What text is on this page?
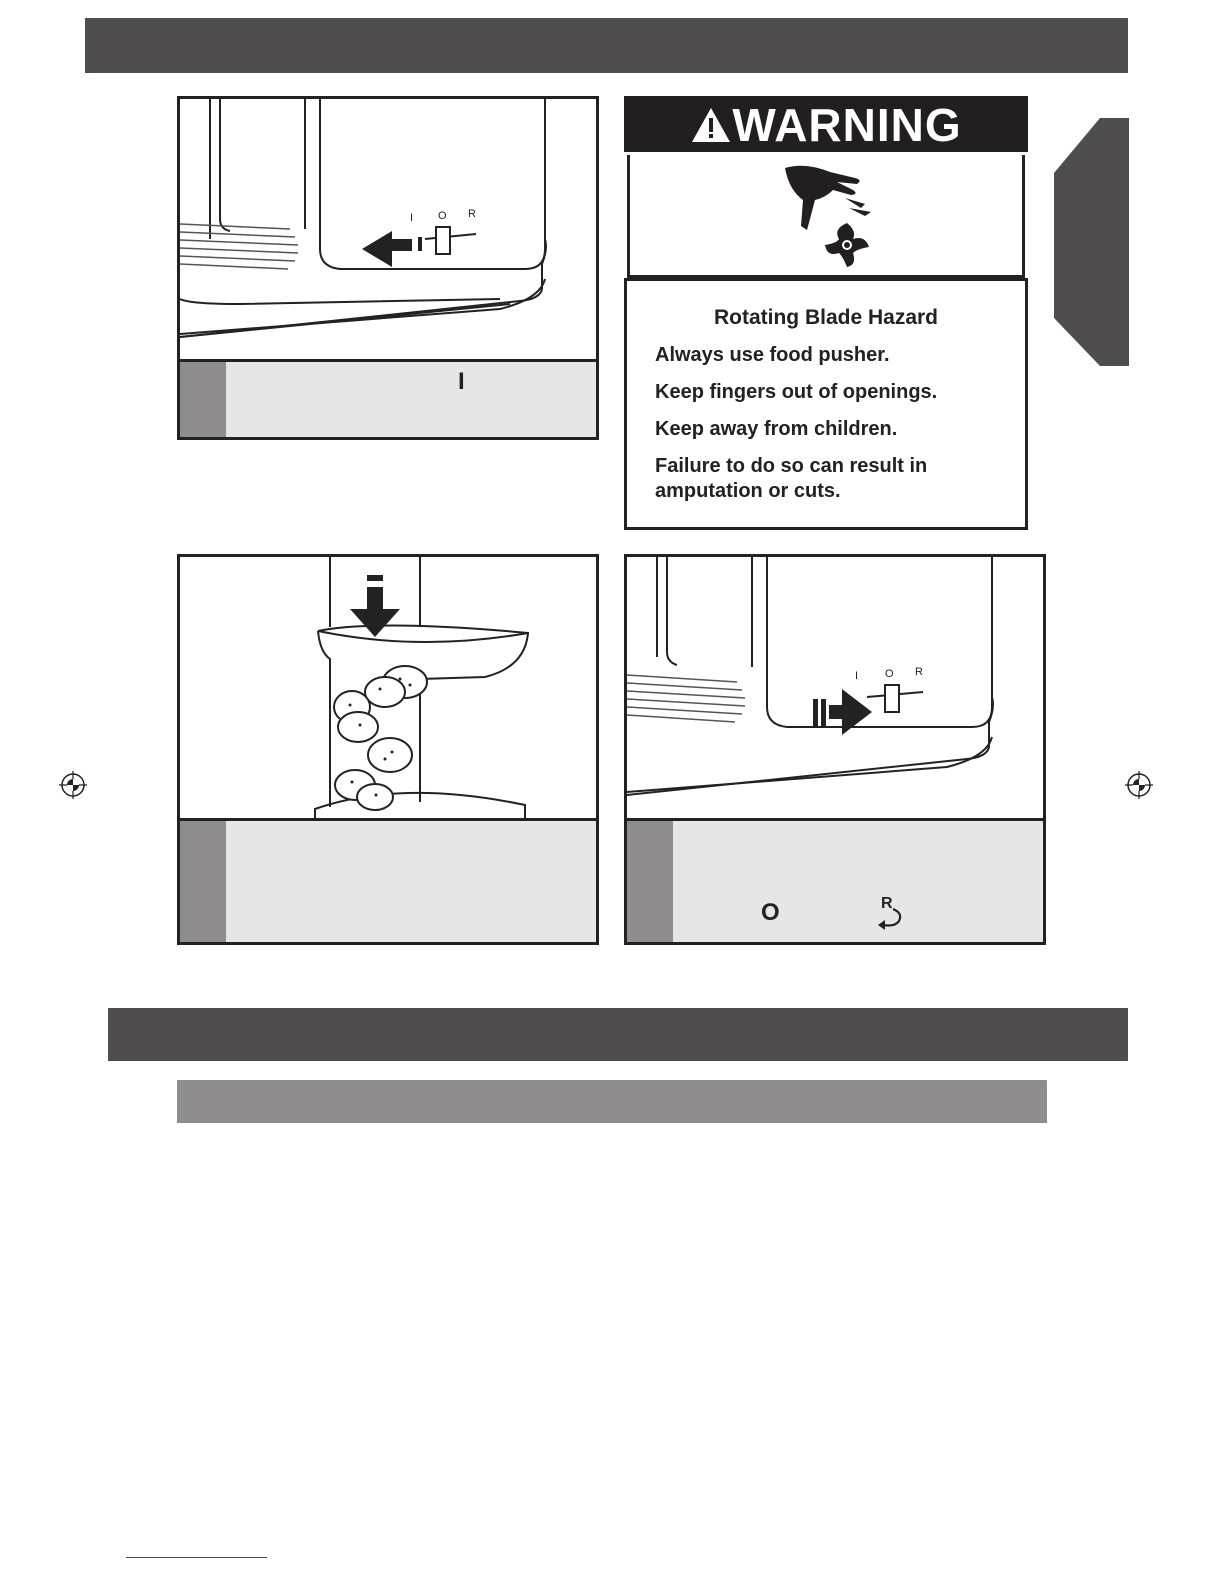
I O R
I
WARNING
Rotating Blade Hazard
Always use food pusher.
Keep fingers out of openings.
Keep away from children.
Failure to do so can result in amputation or cuts.
I O R
O	R
